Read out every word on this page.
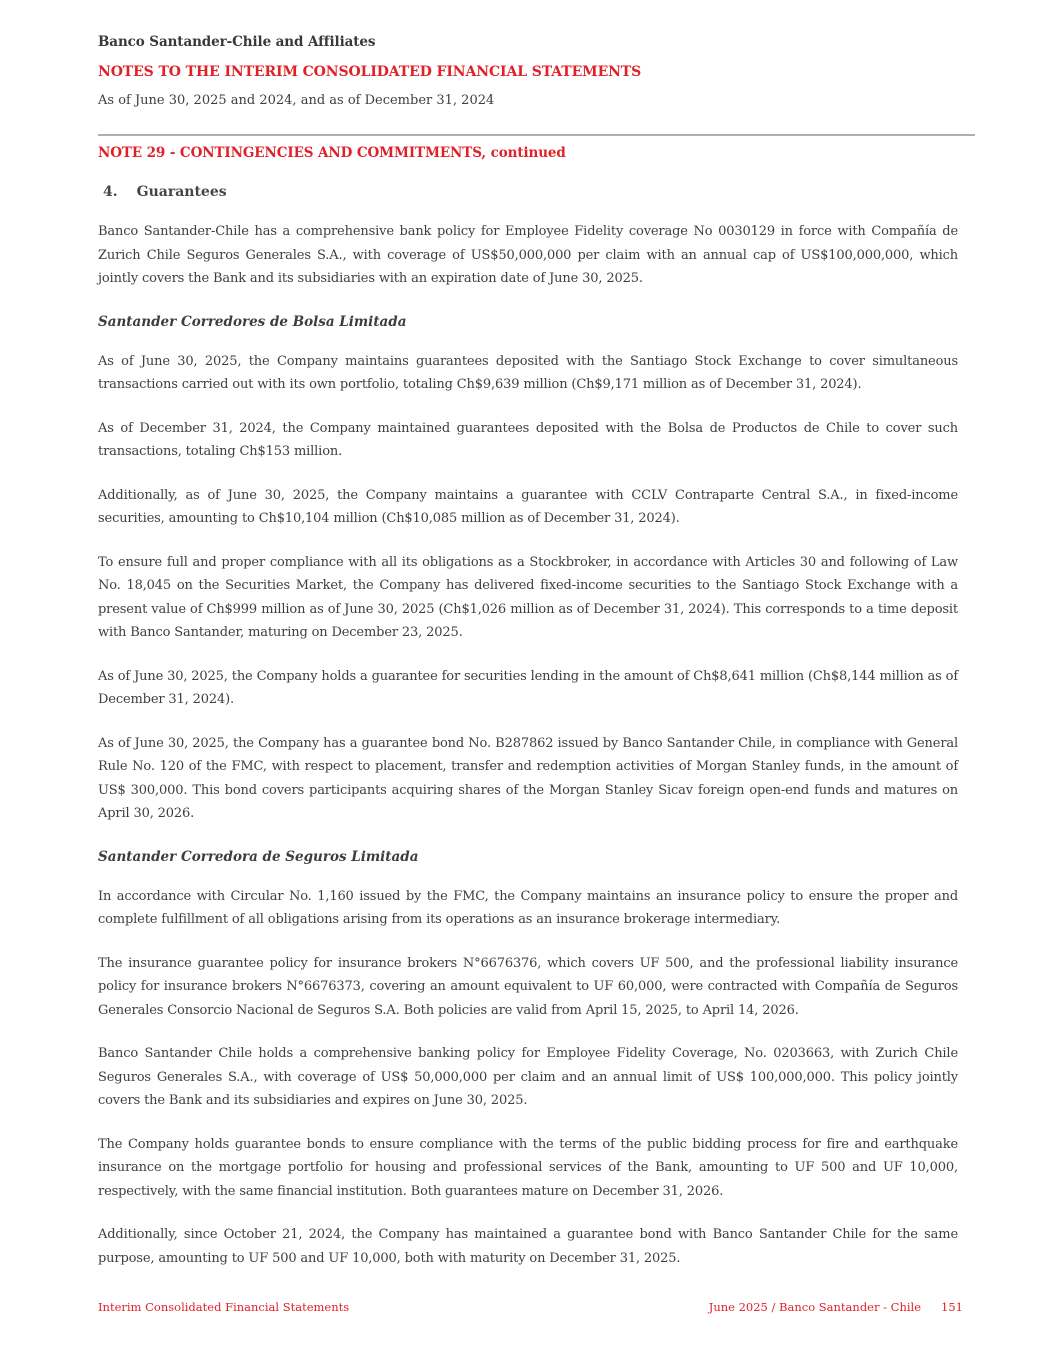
Banco Santander-Chile and Affiliates
NOTES TO THE INTERIM CONSOLIDATED FINANCIAL STATEMENTS
As of June 30, 2025 and 2024, and as of December 31, 2024
NOTE 29 - CONTINGENCIES AND COMMITMENTS, continued
4. Guarantees
Banco Santander-Chile has a comprehensive bank policy for Employee Fidelity coverage No 0030129 in force with Compañía de Zurich Chile Seguros Generales S.A., with coverage of US$50,000,000 per claim with an annual cap of US$100,000,000, which jointly covers the Bank and its subsidiaries with an expiration date of June 30, 2025.
Santander Corredores de Bolsa Limitada
As of June 30, 2025, the Company maintains guarantees deposited with the Santiago Stock Exchange to cover simultaneous transactions carried out with its own portfolio, totaling Ch$9,639 million (Ch$9,171 million as of December 31, 2024).
As of December 31, 2024, the Company maintained guarantees deposited with the Bolsa de Productos de Chile to cover such transactions, totaling Ch$153 million.
Additionally, as of June 30, 2025, the Company maintains a guarantee with CCLV Contraparte Central S.A., in fixed-income securities, amounting to Ch$10,104 million (Ch$10,085 million as of December 31, 2024).
To ensure full and proper compliance with all its obligations as a Stockbroker, in accordance with Articles 30 and following of Law No. 18,045 on the Securities Market, the Company has delivered fixed-income securities to the Santiago Stock Exchange with a present value of Ch$999 million as of June 30, 2025 (Ch$1,026 million as of December 31, 2024). This corresponds to a time deposit with Banco Santander, maturing on December 23, 2025.
As of June 30, 2025, the Company holds a guarantee for securities lending in the amount of Ch$8,641 million (Ch$8,144 million as of December 31, 2024).
As of June 30, 2025, the Company has a guarantee bond No. B287862 issued by Banco Santander Chile, in compliance with General Rule No. 120 of the FMC, with respect to placement, transfer and redemption activities of Morgan Stanley funds, in the amount of US$ 300,000. This bond covers participants acquiring shares of the Morgan Stanley Sicav foreign open-end funds and matures on April 30, 2026.
Santander Corredora de Seguros Limitada
In accordance with Circular No. 1,160 issued by the FMC, the Company maintains an insurance policy to ensure the proper and complete fulfillment of all obligations arising from its operations as an insurance brokerage intermediary.
The insurance guarantee policy for insurance brokers N°6676376, which covers UF 500, and the professional liability insurance policy for insurance brokers N°6676373, covering an amount equivalent to UF 60,000, were contracted with Compañía de Seguros Generales Consorcio Nacional de Seguros S.A. Both policies are valid from April 15, 2025, to April 14, 2026.
Banco Santander Chile holds a comprehensive banking policy for Employee Fidelity Coverage, No. 0203663, with Zurich Chile Seguros Generales S.A., with coverage of US$ 50,000,000 per claim and an annual limit of US$ 100,000,000. This policy jointly covers the Bank and its subsidiaries and expires on June 30, 2025.
The Company holds guarantee bonds to ensure compliance with the terms of the public bidding process for fire and earthquake insurance on the mortgage portfolio for housing and professional services of the Bank, amounting to UF 500 and UF 10,000, respectively, with the same financial institution. Both guarantees mature on December 31, 2026.
Additionally, since October 21, 2024, the Company has maintained a guarantee bond with Banco Santander Chile for the same purpose, amounting to UF 500 and UF 10,000, both with maturity on December 31, 2025.
Interim Consolidated Financial Statements	June 2025 / Banco Santander - Chile 151
